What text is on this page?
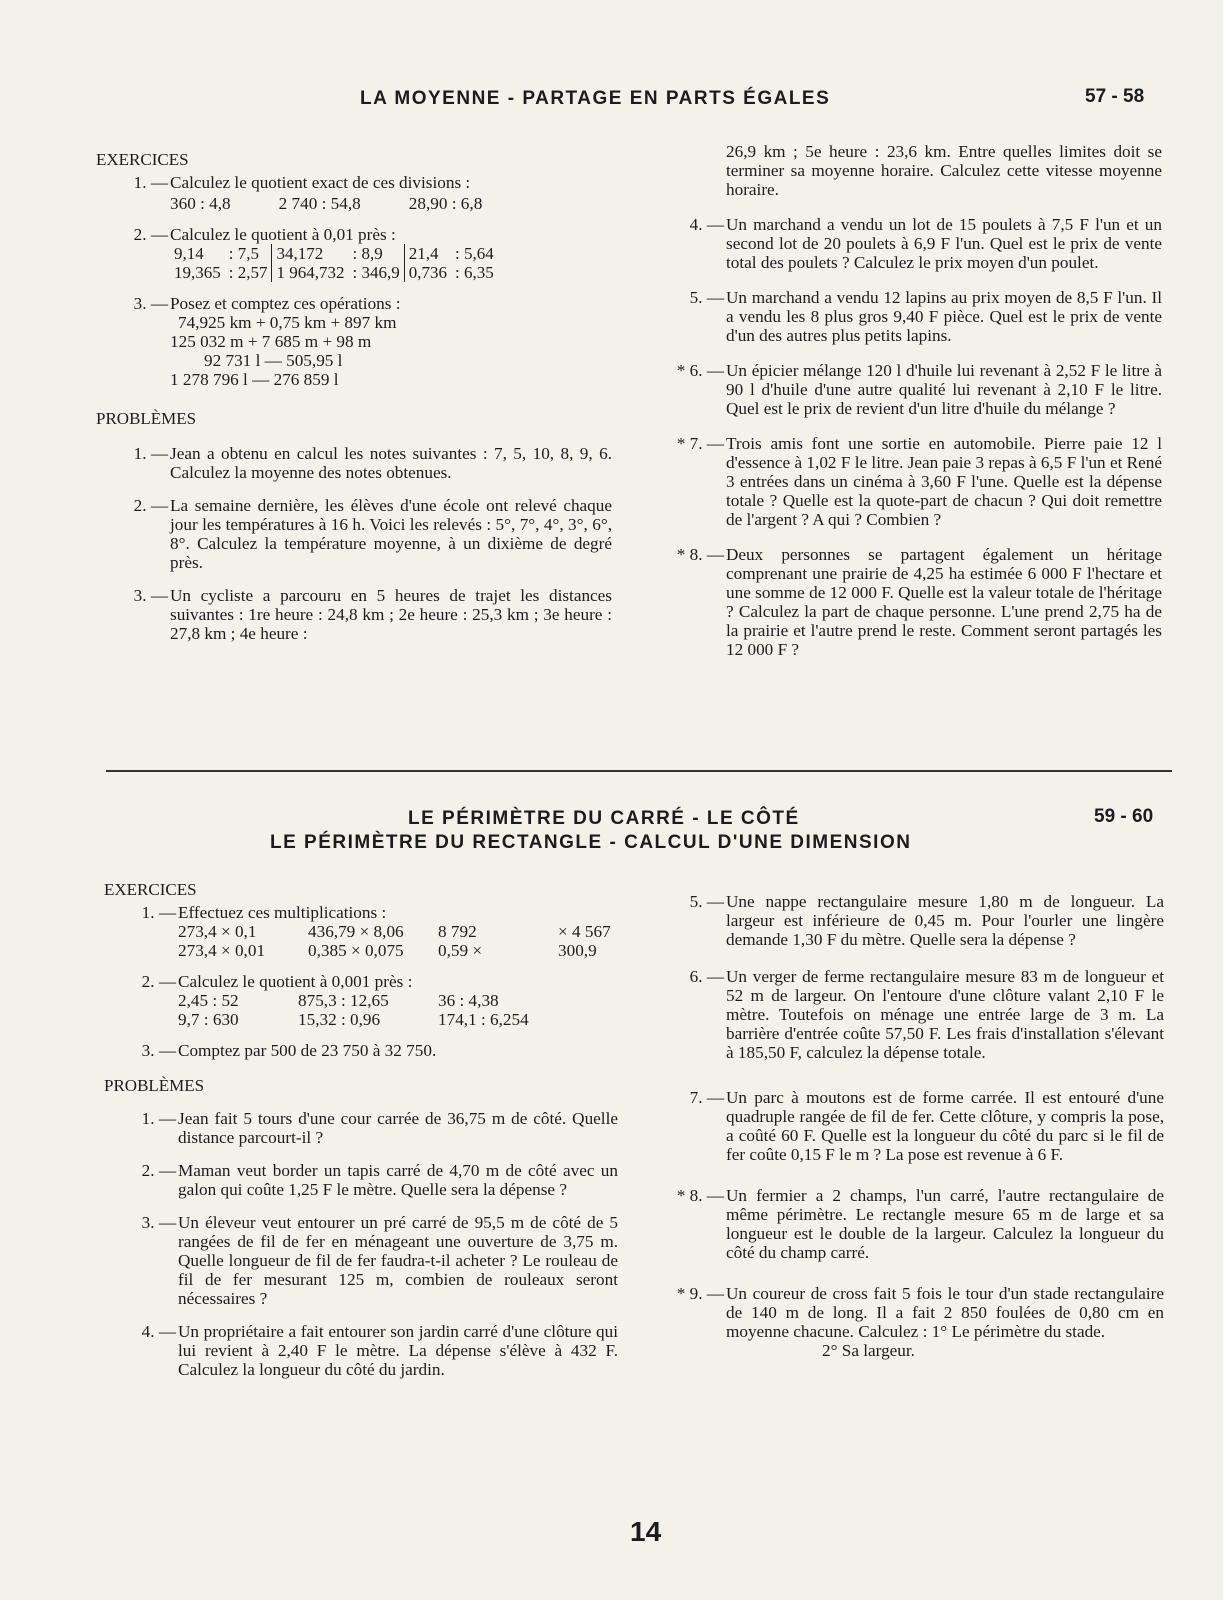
LA MOYENNE - PARTAGE EN PARTS ÉGALES	57 - 58
EXERCICES
1. — Calculez le quotient exact de ces divisions :
360 : 4,8	2 740 : 54,8	28,90 : 6,8
2. — Calculez le quotient à 0,01 près :
9,14	: 7,5	34,172	: 8,9	21,4	: 5,64
19,365	: 2,57	1 964,732	: 346,9	0,736	: 6,35
3. — Posez et comptez ces opérations :
74,925 km + 0,75 km + 897 km
125 032 m + 7 685 m + 98 m
92 731 l — 505,95 l
1 278 796 l — 276 859 l
PROBLÈMES
1. — Jean a obtenu en calcul les notes suivantes : 7, 5, 10, 8, 9, 6. Calculez la moyenne des notes obtenues.
2. — La semaine dernière, les élèves d'une école ont relevé chaque jour les températures à 16 h. Voici les relevés : 5°, 7°, 4°, 3°, 6°, 8°. Calculez la température moyenne, à un dixième de degré près.
3. — Un cycliste a parcouru en 5 heures de trajet les distances suivantes : 1re heure : 24,8 km ; 2e heure : 25,3 km ; 3e heure : 27,8 km ; 4e heure :
26,9 km ; 5e heure : 23,6 km. Entre quelles limites doit se terminer sa moyenne horaire. Calculez cette vitesse moyenne horaire.
4. — Un marchand a vendu un lot de 15 poulets à 7,5 F l'un et un second lot de 20 poulets à 6,9 F l'un. Quel est le prix de vente total des poulets ? Calculez le prix moyen d'un poulet.
5. — Un marchand a vendu 12 lapins au prix moyen de 8,5 F l'un. Il a vendu les 8 plus gros 9,40 F pièce. Quel est le prix de vente d'un des autres plus petits lapins.
* 6. — Un épicier mélange 120 l d'huile lui revenant à 2,52 F le litre à 90 l d'huile d'une autre qualité lui revenant à 2,10 F le litre. Quel est le prix de revient d'un litre d'huile du mélange ?
* 7. — Trois amis font une sortie en automobile. Pierre paie 12 l d'essence à 1,02 F le litre. Jean paie 3 repas à 6,5 F l'un et René 3 entrées dans un cinéma à 3,60 F l'une. Quelle est la dépense totale ? Quelle est la quote-part de chacun ? Qui doit remettre de l'argent ? A qui ? Combien ?
* 8. — Deux personnes se partagent également un héritage comprenant une prairie de 4,25 ha estimée 6 000 F l'hectare et une somme de 12 000 F. Quelle est la valeur totale de l'héritage ? Calculez la part de chaque personne. L'une prend 2,75 ha de la prairie et l'autre prend le reste. Comment seront partagés les 12 000 F ?
LE PÉRIMÈTRE DU CARRÉ - LE CÔTÉ
LE PÉRIMÈTRE DU RECTANGLE - CALCUL D'UNE DIMENSION
59 - 60
EXERCICES
1. — Effectuez ces multiplications :
273,4 × 0,1	436,79 × 8,06	8 792	× 4 567
273,4 × 0,01	0,385 × 0,075	0,59 ×	300,9
2. — Calculez le quotient à 0,001 près :
2,45 : 52	875,3 : 12,65	36 : 4,38
9,7 : 630	15,32 : 0,96	174,1 : 6,254
3. — Comptez par 500 de 23 750 à 32 750.
PROBLÈMES
1. — Jean fait 5 tours d'une cour carrée de 36,75 m de côté. Quelle distance parcourt-il ?
2. — Maman veut border un tapis carré de 4,70 m de côté avec un galon qui coûte 1,25 F le mètre. Quelle sera la dépense ?
3. — Un éleveur veut entourer un pré carré de 95,5 m de côté de 5 rangées de fil de fer en ménageant une ouverture de 3,75 m. Quelle longueur de fil de fer faudra-t-il acheter ? Le rouleau de fil de fer mesurant 125 m, combien de rouleaux seront nécessaires ?
4. — Un propriétaire a fait entourer son jardin carré d'une clôture qui lui revient à 2,40 F le mètre. La dépense s'élève à 432 F. Calculez la longueur du côté du jardin.
5. — Une nappe rectangulaire mesure 1,80 m de longueur. La largeur est inférieure de 0,45 m. Pour l'ourler une lingère demande 1,30 F du mètre. Quelle sera la dépense ?
6. — Un verger de ferme rectangulaire mesure 83 m de longueur et 52 m de largeur. On l'entoure d'une clôture valant 2,10 F le mètre. Toutefois on ménage une entrée large de 3 m. La barrière d'entrée coûte 57,50 F. Les frais d'installation s'élevant à 185,50 F, calculez la dépense totale.
7. — Un parc à moutons est de forme carrée. Il est entouré d'une quadruple rangée de fil de fer. Cette clôture, y compris la pose, a coûté 60 F. Quelle est la longueur du côté du parc si le fil de fer coûte 0,15 F le m ? La pose est revenue à 6 F.
* 8. — Un fermier a 2 champs, l'un carré, l'autre rectangulaire de même périmètre. Le rectangle mesure 65 m de large et sa longueur est le double de la largeur. Calculez la longueur du côté du champ carré.
* 9. — Un coureur de cross fait 5 fois le tour d'un stade rectangulaire de 140 m de long. Il a fait 2 850 foulées de 0,80 cm en moyenne chacune. Calculez : 1° Le périmètre du stade.
2° Sa largeur.
14
